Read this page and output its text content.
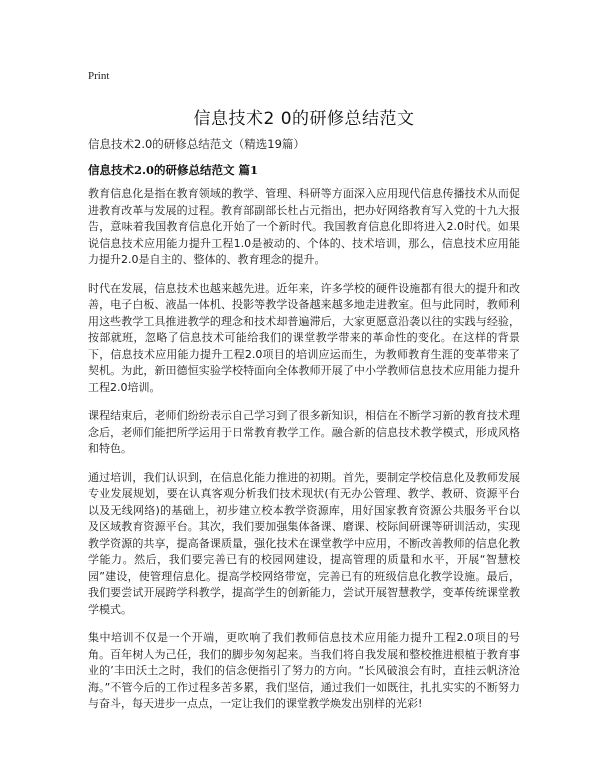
Print
信息技术2 0的研修总结范文
信息技术2.0的研修总结范文（精选19篇）
信息技术2.0的研修总结范文 篇1

教育信息化是指在教育领域的教学、管理、科研等方面深入应用现代信息传播技术从而促进教育改革与发展的过程。教育部副部长杜占元指出，把办好网络教育写入党的十九大报告，意味着我国教育信息化开始了一个新时代。我国教育信息化即将进入2.0时代。如果说信息技术应用能力提升工程1.0是被动的、个体的、技术培训，那么，信息技术应用能力提升2.0是自主的、整体的、教育理念的提升。

时代在发展，信息技术也越来越先进。近年来，许多学校的硬件设施都有很大的提升和改善，电子白板、液晶一体机、投影等教学设备越来越多地走进教室。但与此同时，教师利用这些教学工具推进教学的理念和技术却普遍滞后，大家更愿意沿袭以往的实践与经验，按部就班，忽略了信息技术可能给我们的课堂教学带来的革命性的变化。在这样的背景下，信息技术应用能力提升工程2.0项目的培训应运而生，为教师教育生涯的变革带来了契机。为此，新田德恒实验学校特面向全体教师开展了中小学教师信息技术应用能力提升工程2.0培训。

课程结束后，老师们纷纷表示自己学习到了很多新知识，相信在不断学习新的教育技术理念后，老师们能把所学运用于日常教育教学工作。融合新的信息技术教学模式，形成风格和特色。

通过培训，我们认识到，在信息化能力推进的初期。首先，要制定学校信息化及教师发展专业发展规划，要在认真客观分析我们技术现状(有无办公管理、教学、教研、资源平台以及无线网络)的基础上，初步建立校本教学资源库，用好国家教育资源公共服务平台以及区域教育资源平台。其次，我们要加强集体备课、磨课、校际间研课等研训活动，实现教学资源的共享，提高备课质量，强化技术在课堂教学中应用，不断改善教师的信息化教学能力。然后，我们要完善已有的校园网建设，提高管理的质量和水平，开展“智慧校园”建设，使管理信息化。提高学校网络带宽，完善已有的班级信息化教学设施。最后，我们要尝试开展跨学科教学，提高学生的创新能力，尝试开展智慧教学，变革传统课堂教学模式。

集中培训不仅是一个开端，更吹响了我们教师信息技术应用能力提升工程2.0项目的号角。百年树人为己任，我们的脚步匆匆起来。当我们将自我发展和整校推进根植于教育事业的’丰田沃土之时，我们的信念便指引了努力的方向。“长风破浪会有时，直挂云帆济沧海。”不管今后的工作过程多苦多累，我们坚信，通过我们一如既往，扎扎实实的不断努力与奋斗，每天进步一点点，一定让我们的课堂教学焕发出别样的光彩!
